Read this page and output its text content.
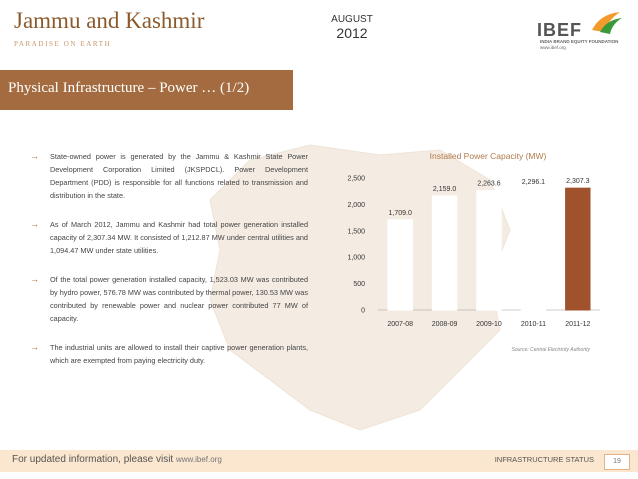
Jammu and Kashmir
PARADISE ON EARTH
AUGUST
2012	IBEF
INDIA BRAND EQUITY FOUNDATION
www.ibef.org
Physical Infrastructure – Power … (1/2)
→ State-owned power is generated by the Jammu & Kashmir State Power Development Corporation Limited (JKSPDCL). Power Development Department (PDD) is responsible for all functions related to transmission and distribution in the state.
→ As of March 2012, Jammu and Kashmir had total power generation installed capacity of 2,307.34 MW. It consisted of 1,212.87 MW under central utilities and 1,094.47 MW under state utilities.
→ Of the total power generation installed capacity, 1,523.03 MW was contributed by hydro power, 576.78 MW was contributed by thermal power, 130.53 MW was contributed by renewable power and nuclear power contributed 77 MW of capacity.
→ The industrial units are allowed to install their captive power generation plants, which are exempted from paying electricity duty.
Installed Power Capacity (MW)
0
500
1,000
1,500
2,000
2,500
1,709.0
2007-08
2,159.0
2008-09
2,263.6
2009-10
2,296.1
2010-11
2,307.3
2011-12
Source: Central Electricity Authority
For updated information, please visit www.ibef.org	INFRASTRUCTURE STATUS	19
